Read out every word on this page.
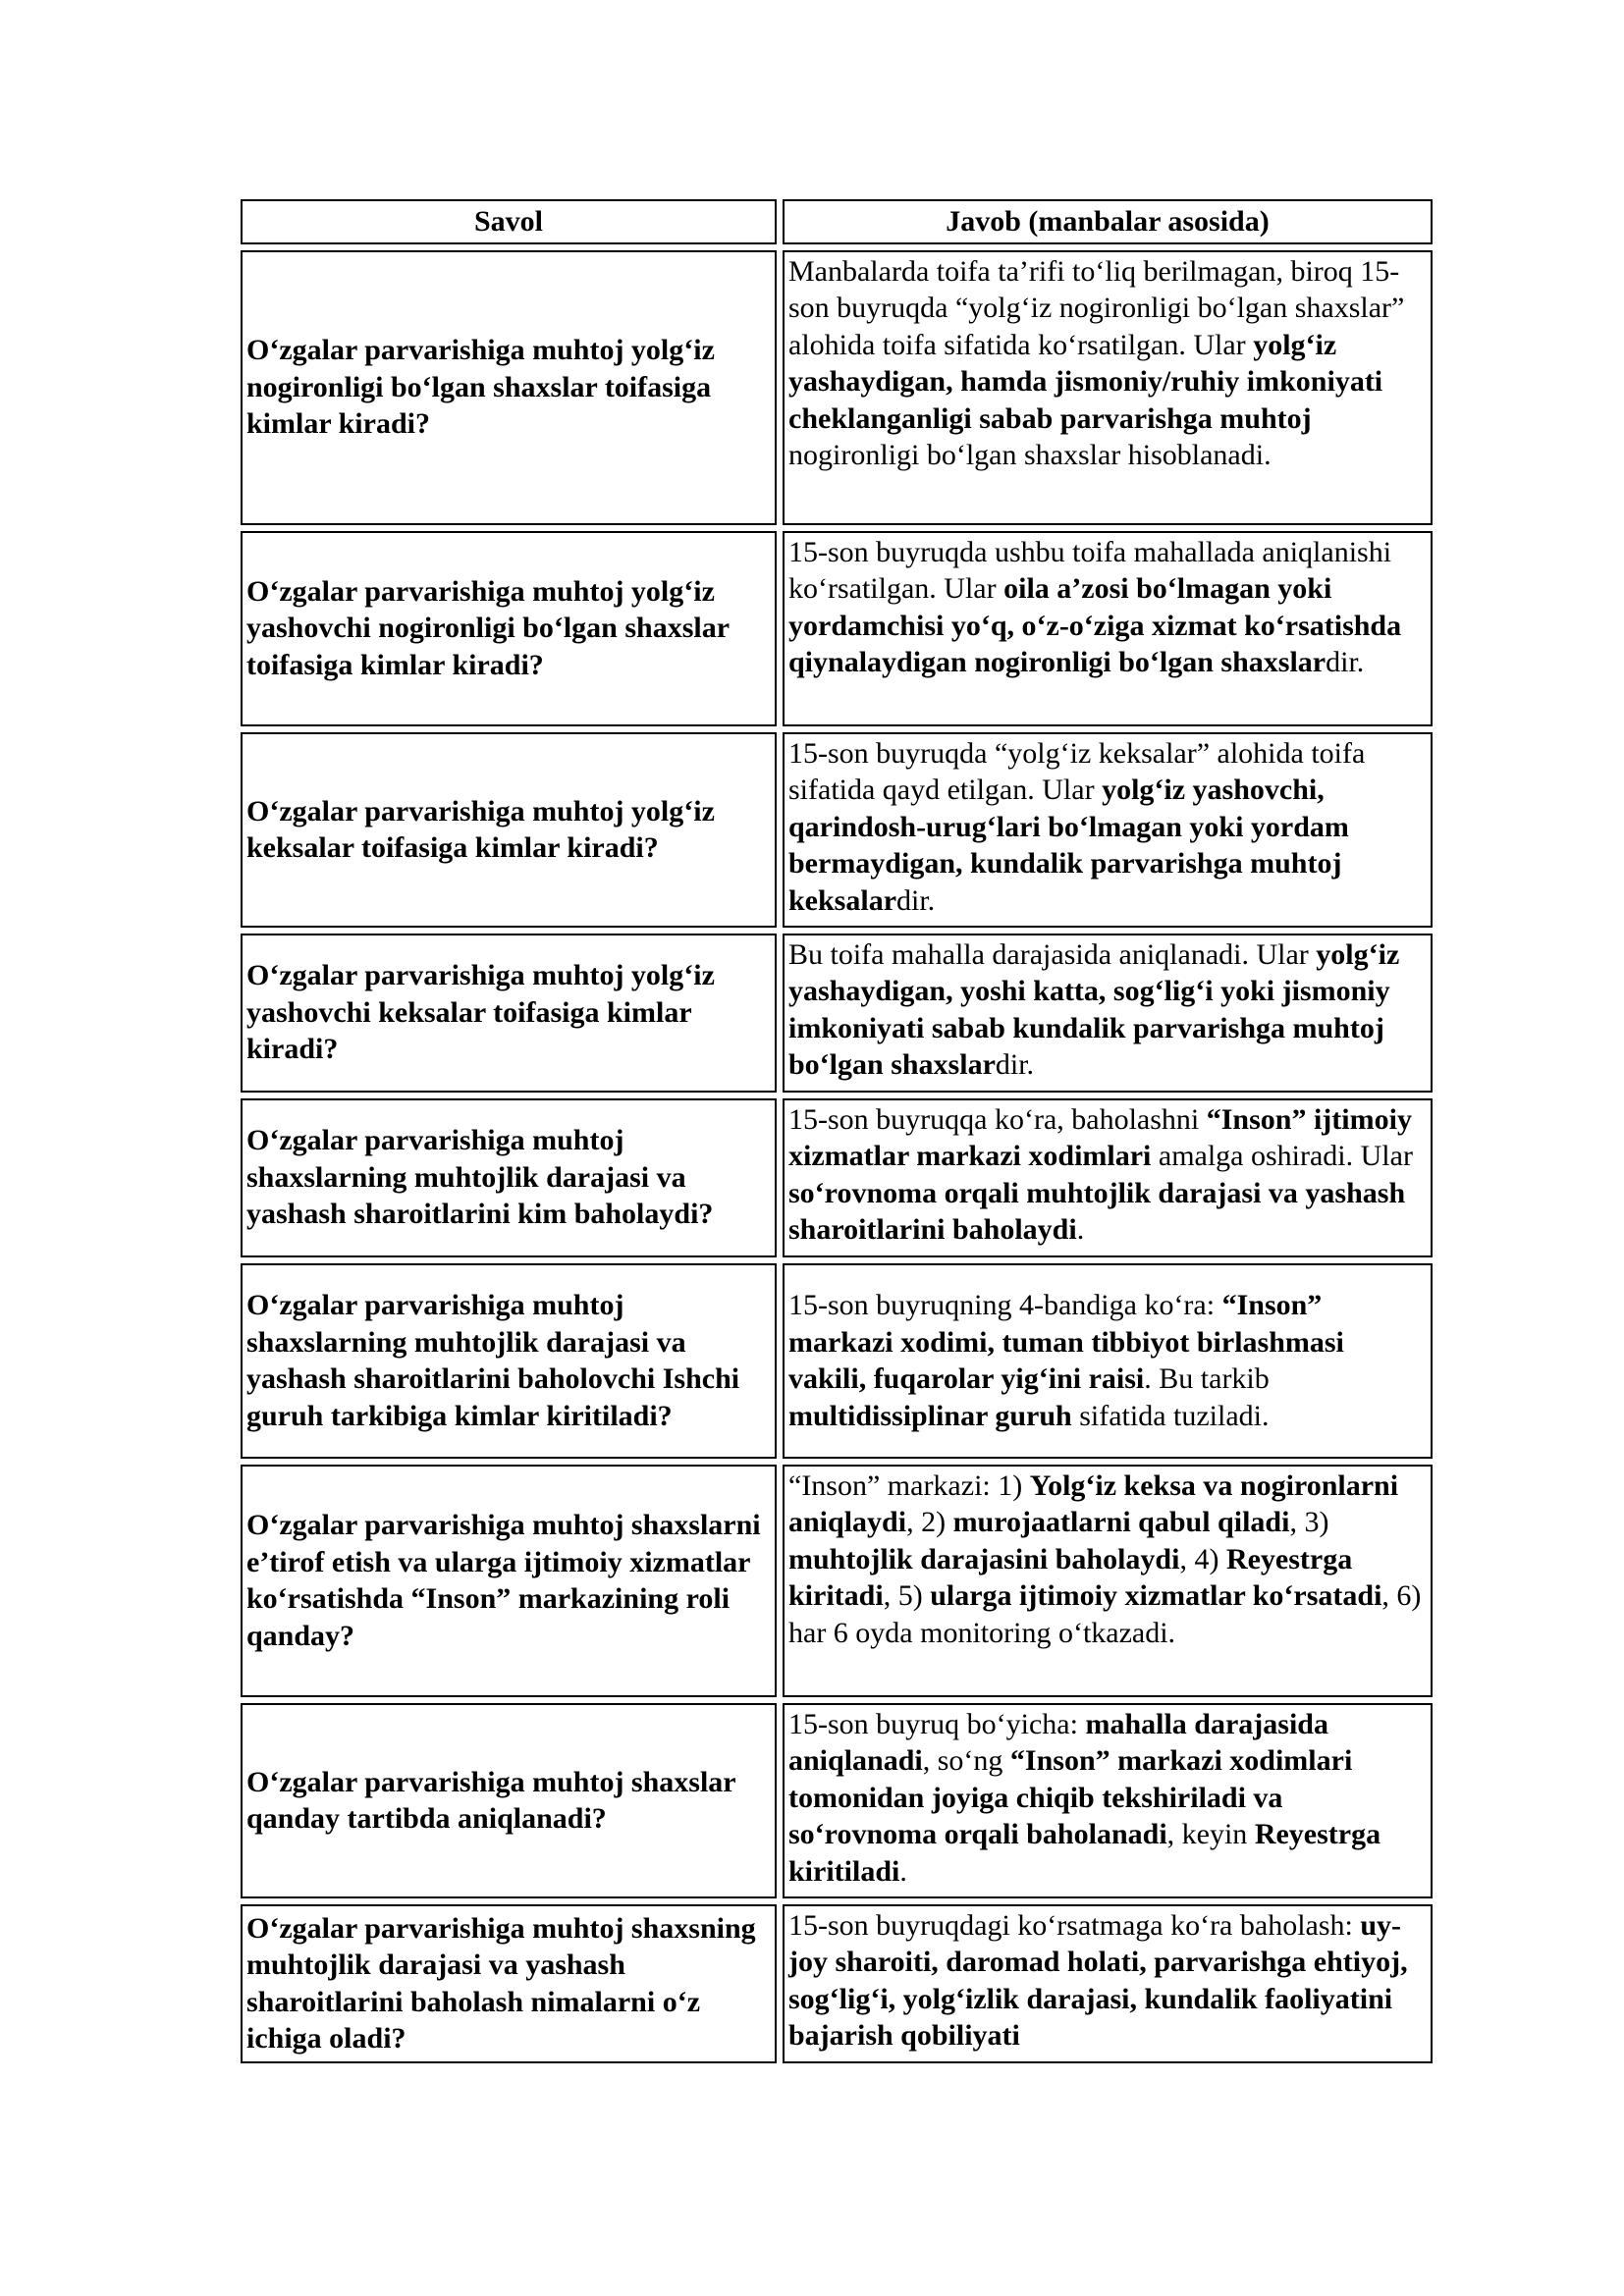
Savol	Javob (manbalar asosida)
O‘zgalar parvarishiga muhtoj yolg‘iz nogironligi bo‘lgan shaxslar toifasiga kimlar kiradi?	Manbalarda toifa ta’rifi to‘liq berilmagan, biroq 15-son buyruqda “yolg‘iz nogironligi bo‘lgan shaxslar” alohida toifa sifatida ko‘rsatilgan. Ular yolg‘iz yashaydigan, hamda jismoniy/ruhiy imkoniyati cheklanganligi sabab parvarishga muhtoj nogironligi bo‘lgan shaxslar hisoblanadi.
O‘zgalar parvarishiga muhtoj yolg‘iz yashovchi nogironligi bo‘lgan shaxslar toifasiga kimlar kiradi?	15-son buyruqda ushbu toifa mahallada aniqlanishi ko‘rsatilgan. Ular oila a’zosi bo‘lmagan yoki yordamchisi yo‘q, o‘z-o‘ziga xizmat ko‘rsatishda qiynalaydigan nogironligi bo‘lgan shaxslardir.
O‘zgalar parvarishiga muhtoj yolg‘iz keksalar toifasiga kimlar kiradi?	15-son buyruqda “yolg‘iz keksalar” alohida toifa sifatida qayd etilgan. Ular yolg‘iz yashovchi, qarindosh-urug‘lari bo‘lmagan yoki yordam bermaydigan, kundalik parvarishga muhtoj keksalardir.
O‘zgalar parvarishiga muhtoj yolg‘iz yashovchi keksalar toifasiga kimlar kiradi?	Bu toifa mahalla darajasida aniqlanadi. Ular yolg‘iz yashaydigan, yoshi katta, sog‘lig‘i yoki jismoniy imkoniyati sabab kundalik parvarishga muhtoj bo‘lgan shaxslardir.
O‘zgalar parvarishiga muhtoj shaxslarning muhtojlik darajasi va yashash sharoitlarini kim baholaydi?	15-son buyruqqa ko‘ra, baholashni “Inson” ijtimoiy xizmatlar markazi xodimlari amalga oshiradi. Ular so‘rovnoma orqali muhtojlik darajasi va yashash sharoitlarini baholaydi.
O‘zgalar parvarishiga muhtoj shaxslarning muhtojlik darajasi va yashash sharoitlarini baholovchi Ishchi guruh tarkibiga kimlar kiritiladi?	15-son buyruqning 4-bandiga ko‘ra: “Inson” markazi xodimi, tuman tibbiyot birlashmasi vakili, fuqarolar yig‘ini raisi. Bu tarkib multidissiplinar guruh sifatida tuziladi.
O‘zgalar parvarishiga muhtoj shaxslarni e’tirof etish va ularga ijtimoiy xizmatlar ko‘rsatishda “Inson” markazining roli qanday?	“Inson” markazi: 1) Yolg‘iz keksa va nogironlarni aniqlaydi, 2) murojaatlarni qabul qiladi, 3) muhtojlik darajasini baholaydi, 4) Reyestrga kiritadi, 5) ularga ijtimoiy xizmatlar ko‘rsatadi, 6) har 6 oyda monitoring o‘tkazadi.
O‘zgalar parvarishiga muhtoj shaxslar qanday tartibda aniqlanadi?	15-son buyruq bo‘yicha: mahalla darajasida aniqlanadi, so‘ng “Inson” markazi xodimlari tomonidan joyiga chiqib tekshiriladi va so‘rovnoma orqali baholanadi, keyin Reyestrga kiritiladi.
O‘zgalar parvarishiga muhtoj shaxsning muhtojlik darajasi va yashash sharoitlarini baholash nimalarni o‘z ichiga oladi?	15-son buyruqdagi ko‘rsatmaga ko‘ra baholash: uy-joy sharoiti, daromad holati, parvarishga ehtiyoj, sog‘lig‘i, yolg‘izlik darajasi, kundalik faoliyatini bajarish qobiliyati
